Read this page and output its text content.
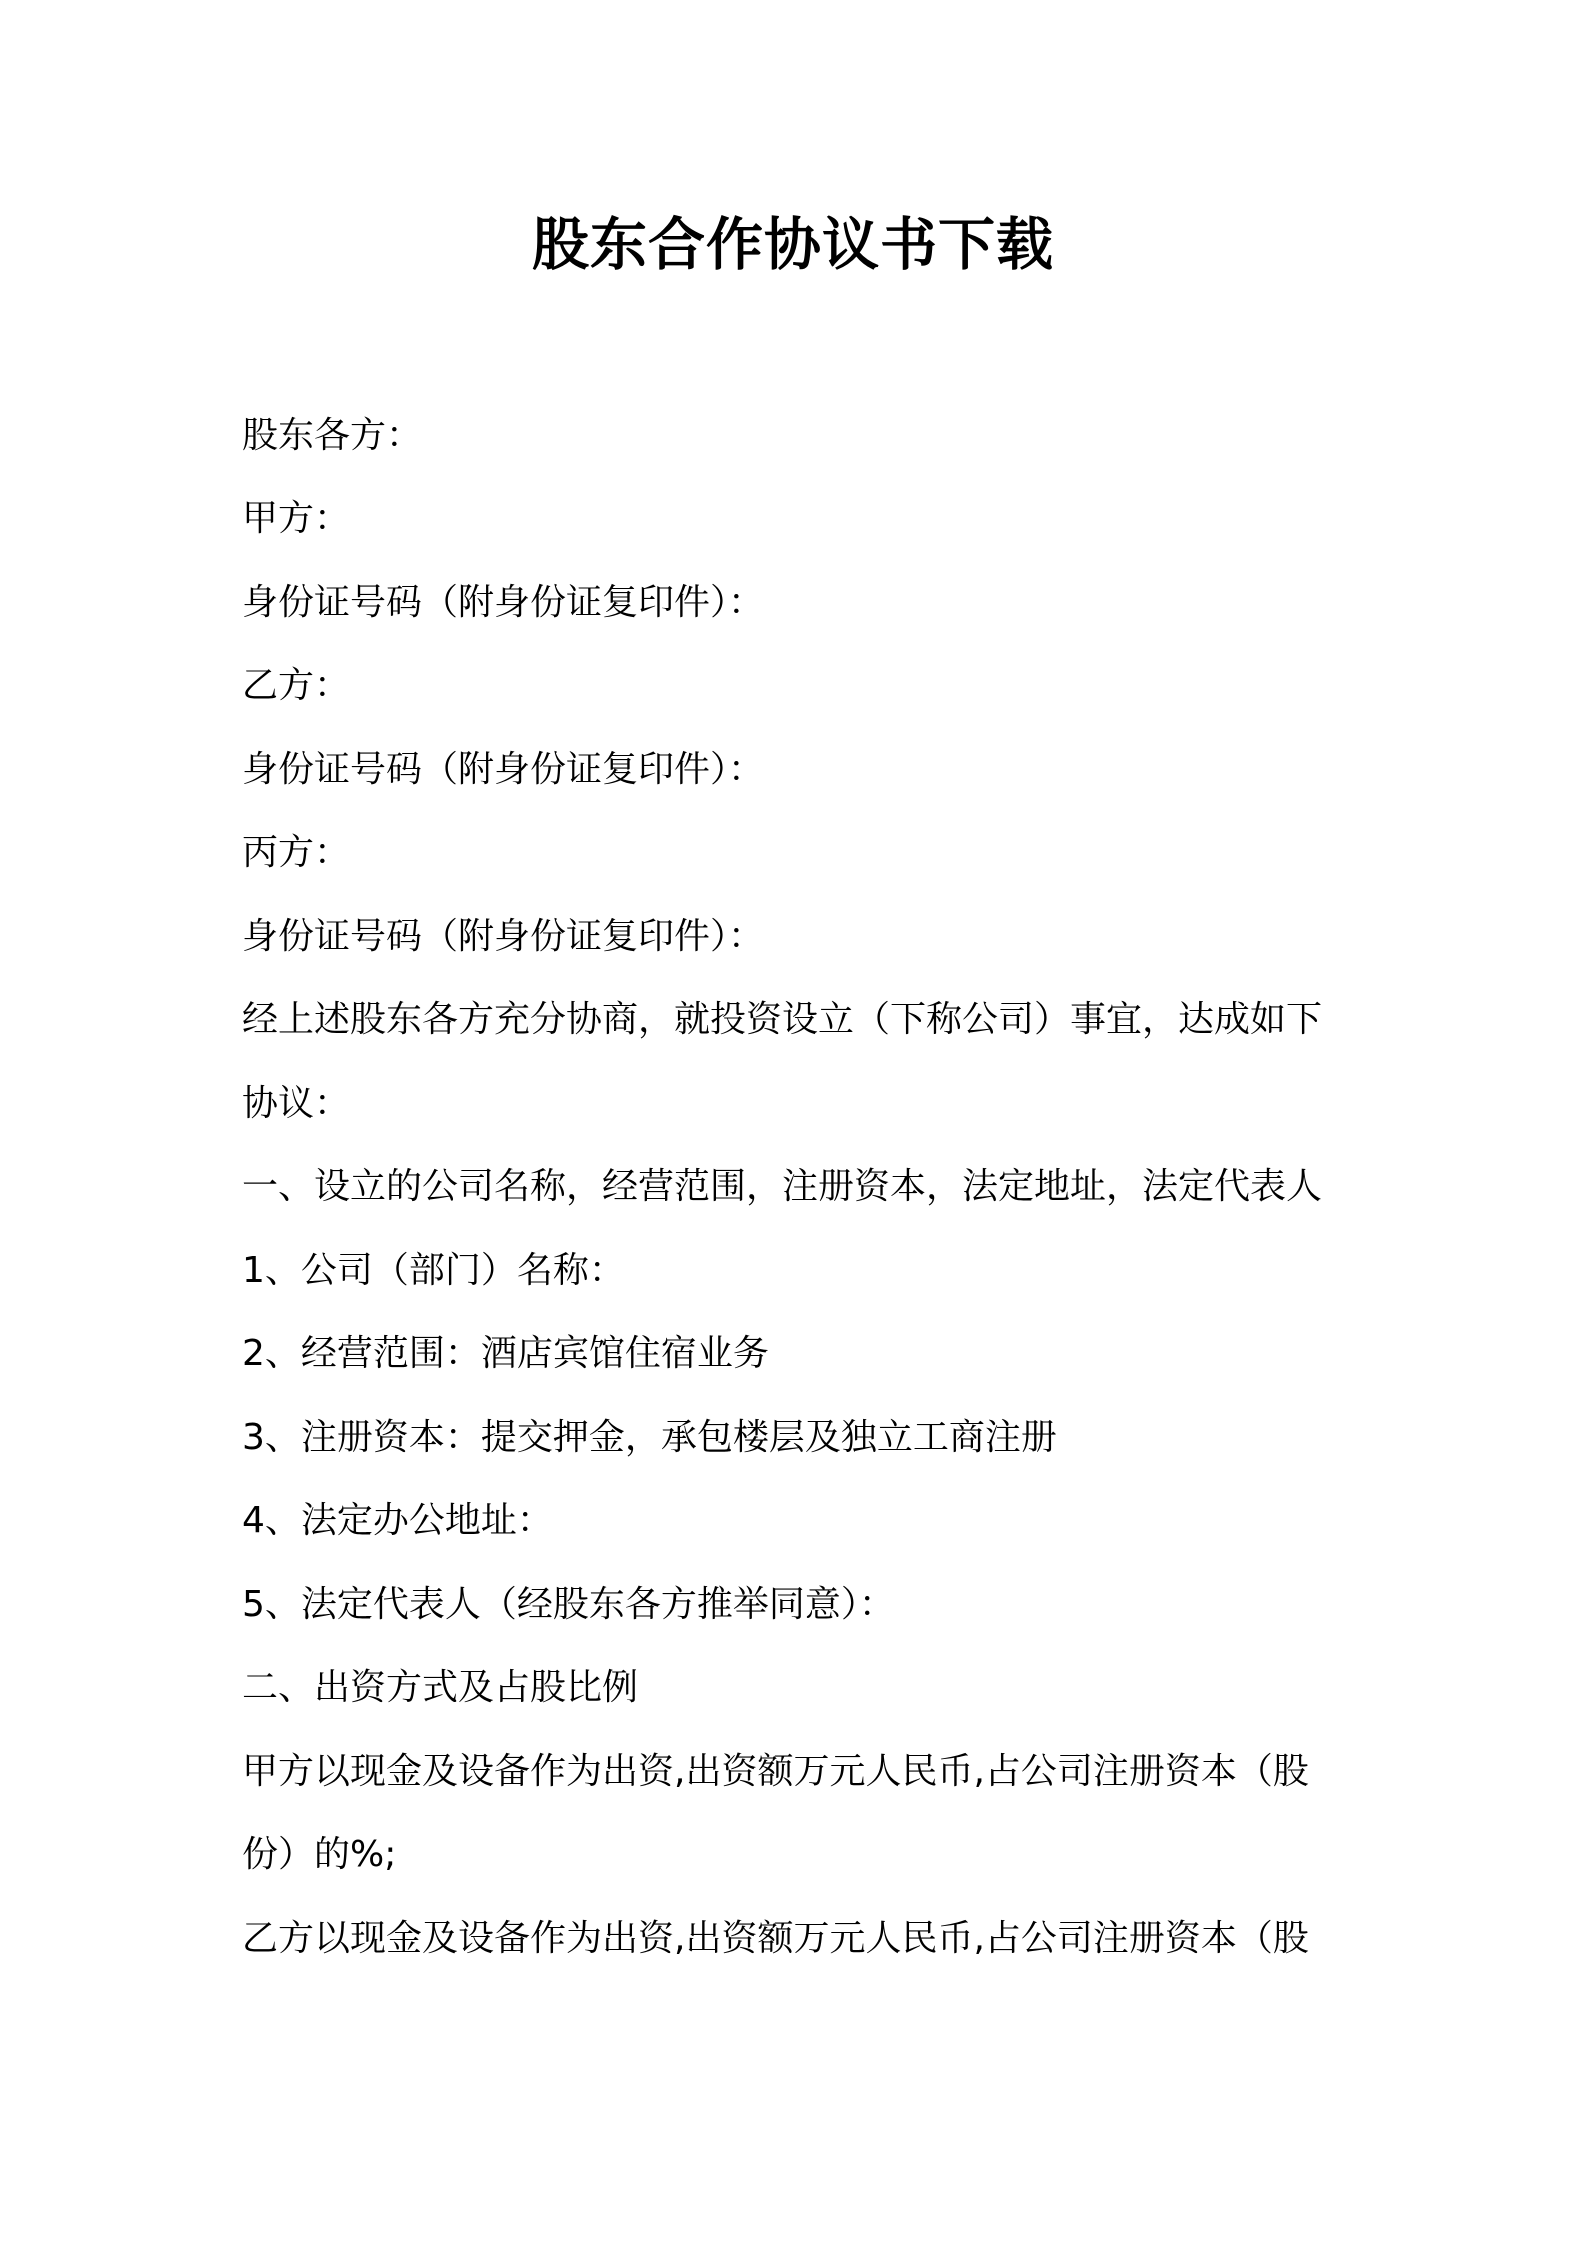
股东合作协议书下载

股东各方：

甲方：

身份证号码（附身份证复印件）：

乙方：

身份证号码（附身份证复印件）：

丙方：

身份证号码（附身份证复印件）：

经上述股东各方充分协商，就投资设立（下称公司）事宜，达成如下

协议：

一、设立的公司名称，经营范围，注册资本，法定地址，法定代表人

1、公司（部门）名称：

2、经营范围：酒店宾馆住宿业务

3、注册资本：提交押金，承包楼层及独立工商注册

4、法定办公地址：

5、法定代表人（经股东各方推举同意）：

二、出资方式及占股比例

甲方以现金及设备作为出资,出资额万元人民币,占公司注册资本（股

份）的%;

乙方以现金及设备作为出资,出资额万元人民币,占公司注册资本（股
